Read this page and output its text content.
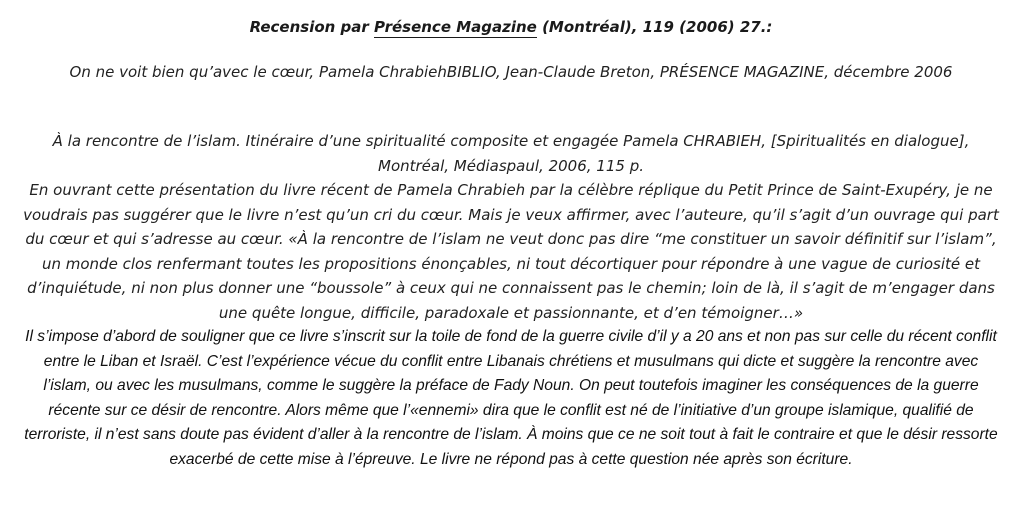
Recension par Présence Magazine (Montréal), 119 (2006) 27.:

On ne voit bien qu’avec le cœur, Pamela ChrabiehBIBLIO, Jean-Claude Breton, PRÉSENCE MAGAZINE, décembre 2006

À la rencontre de l’islam. Itinéraire d’une spiritualité composite et engagée Pamela CHRABIEH, [Spiritualités en dialogue], Montréal, Médiaspaul, 2006, 115 p.

En ouvrant cette présentation du livre récent de Pamela Chrabieh par la célèbre réplique du Petit Prince de Saint-Exupéry, je ne voudrais pas suggérer que le livre n’est qu’un cri du cœur. Mais je veux affirmer, avec l’auteure, qu’il s’agit d’un ouvrage qui part du cœur et qui s’adresse au cœur. «À la rencontre de l’islam ne veut donc pas dire “me constituer un savoir définitif sur l’islam”, un monde clos renfermant toutes les propositions énonçables, ni tout décortiquer pour répondre à une vague de curiosité et d’inquiétude, ni non plus donner une “boussole” à ceux qui ne connaissent pas le chemin; loin de là, il s’agit de m’engager dans une quête longue, difficile, paradoxale et passionnante, et d’en témoigner…»

Il s’impose d’abord de souligner que ce livre s’inscrit sur la toile de fond de la guerre civile d’il y a 20 ans et non pas sur celle du récent conflit entre le Liban et Israël. C’est l’expérience vécue du conflit entre Libanais chrétiens et musulmans qui dicte et suggère la rencontre avec l’islam, ou avec les musulmans, comme le suggère la préface de Fady Noun. On peut toutefois imaginer les conséquences de la guerre récente sur ce désir de rencontre. Alors même que l’«ennemi» dira que le conflit est né de l’initiative d’un groupe islamique, qualifié de terroriste, il n’est sans doute pas évident d’aller à la rencontre de l’islam. À moins que ce ne soit tout à fait le contraire et que le désir ressorte exacerbé de cette mise à l’épreuve. Le livre ne répond pas à cette question née après son écriture.
